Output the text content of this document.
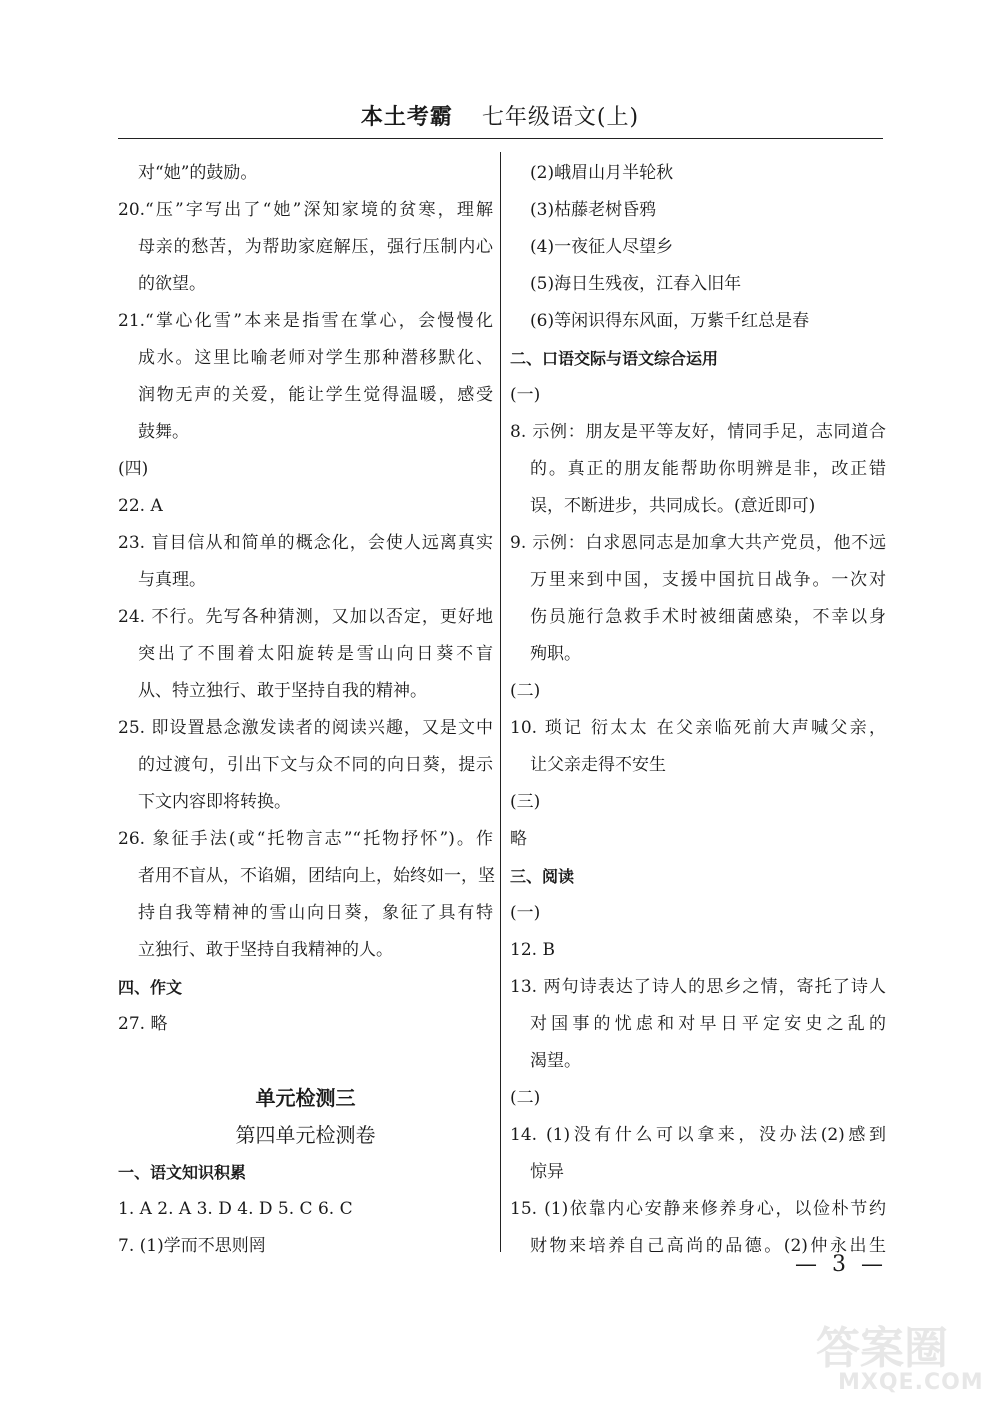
本土考霸 七年级语文(上)
对“她”的鼓励。
20.“压”字写出了“她”深知家境的贫寒，理解
母亲的愁苦，为帮助家庭解压，强行压制内心
的欲望。
21.“掌心化雪”本来是指雪在掌心，会慢慢化
成水。这里比喻老师对学生那种潜移默化、
润物无声的关爱，能让学生觉得温暖，感受
鼓舞。
(四)
22. A
23. 盲目信从和简单的概念化，会使人远离真实
与真理。
24. 不行。先写各种猜测，又加以否定，更好地
突出了不围着太阳旋转是雪山向日葵不盲
从、特立独行、敢于坚持自我的精神。
25. 即设置悬念激发读者的阅读兴趣，又是文中
的过渡句，引出下文与众不同的向日葵，提示
下文内容即将转换。
26. 象征手法(或“托物言志”“托物抒怀”)。作
者用不盲从，不谄媚，团结向上，始终如一，坚
持自我等精神的雪山向日葵，象征了具有特
立独行、敢于坚持自我精神的人。
四、作文
27. 略
单元检测三
第四单元检测卷
一、语文知识积累
1. A 2. A 3. D 4. D 5. C 6. C
7. (1)学而不思则罔
(2)峨眉山月半轮秋
(3)枯藤老树昏鸦
(4)一夜征人尽望乡
(5)海日生残夜，江春入旧年
(6)等闲识得东风面，万紫千红总是春
二、口语交际与语文综合运用
(一)
8. 示例：朋友是平等友好，情同手足，志同道合
的。真正的朋友能帮助你明辨是非，改正错
误，不断进步，共同成长。(意近即可)
9. 示例：白求恩同志是加拿大共产党员，他不远
万里来到中国，支援中国抗日战争。一次对
伤员施行急救手术时被细菌感染，不幸以身
殉职。
(二)
10. 琐记 衍太太 在父亲临死前大声喊父亲，
让父亲走得不安生
(三)
略
三、阅读
(一)
12. B
13. 两句诗表达了诗人的思乡之情，寄托了诗人
对国事的忧虑和对早日平定安史之乱的
渴望。
(二)
14. (1)没有什么可以拿来，没办法(2)感到
惊异
15. (1)依靠内心安静来修养身心，以俭朴节约
财物来培养自己高尚的品德。(2)仲永出生
— 3 —
答案圈
MXQE.COM
